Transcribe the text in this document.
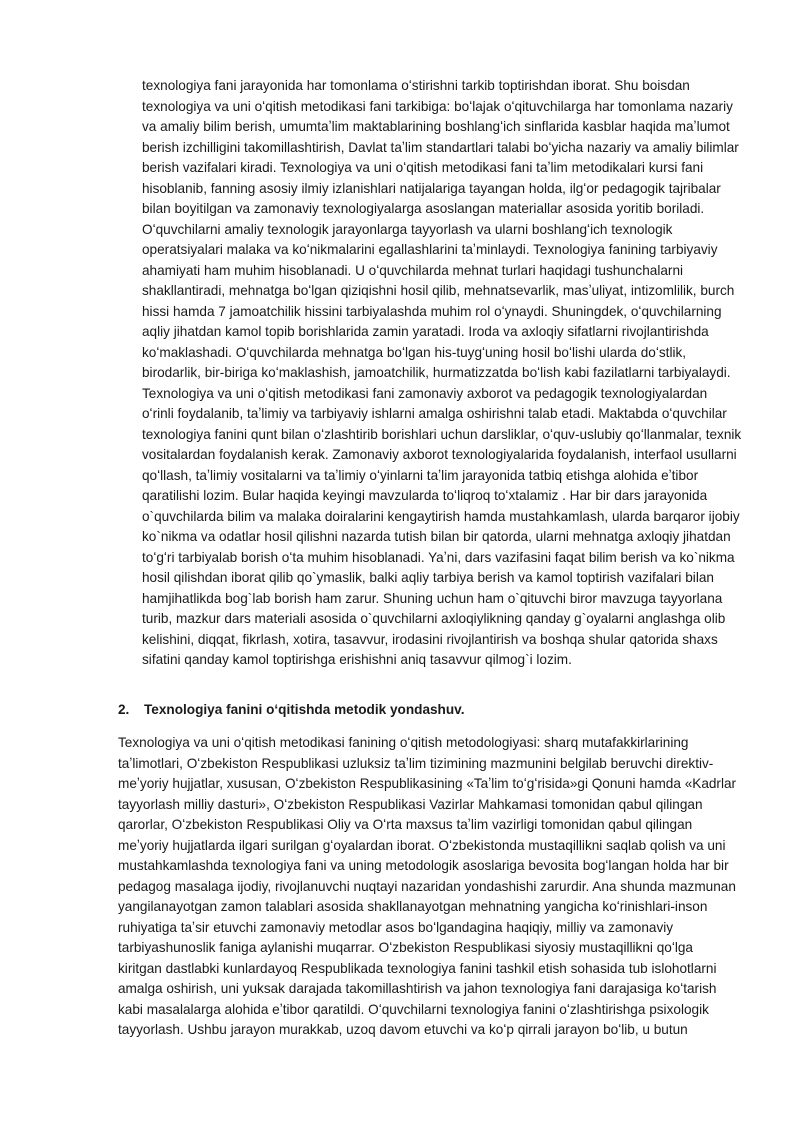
texnologiya fani jarayonida har tomonlama oʻstirishni tarkib toptirishdan iborat. Shu boisdan texnologiya va uni oʻqitish metodikasi fani tarkibiga: boʻlajak oʻqituvchilarga har tomonlama nazariy va amaliy bilim berish, umumtaʼlim maktablarining boshlangʻich sinflarida kasblar haqida maʼlumot berish izchilligini takomillashtirish, Davlat taʼlim standartlari talabi boʻyicha nazariy va amaliy bilimlar berish vazifalari kiradi. Texnologiya va uni oʻqitish metodikasi fani taʼlim metodikalari kursi fani hisoblanib, fanning asosiy ilmiy izlanishlari natijalariga tayangan holda, ilgʻor pedagogik tajribalar bilan boyitilgan va zamonaviy texnologiyalarga asoslangan materiallar asosida yoritib boriladi. Oʻquvchilarni amaliy texnologik jarayonlarga tayyorlash va ularni boshlangʻich texnologik operatsiyalari malaka va koʻnikmalarini egallashlarini taʼminlaydi. Texnologiya fanining tarbiyaviy ahamiyati ham muhim hisoblanadi. U oʻquvchilarda mehnat turlari haqidagi tushunchalarni shakllantiradi, mehnatga boʻlgan qiziqishni hosil qilib, mehnatsevarlik, masʼuliyat, intizomlilik, burch hissi hamda 7 jamoatchilik hissini tarbiyalashda muhim rol oʻynaydi. Shuningdek, oʻquvchilarning aqliy jihatdan kamol topib borishlarida zamin yaratadi. Iroda va axloqiy sifatlarni rivojlantirishda koʻmaklashadi. Oʻquvchilarda mehnatga boʻlgan his-tuygʻuning hosil boʻlishi ularda doʻstlik, birodarlik, bir-biriga koʻmaklashish, jamoatchilik, hurmatizzatda boʻlish kabi fazilatlarni tarbiyalaydi. Texnologiya va uni oʻqitish metodikasi fani zamonaviy axborot va pedagogik texnologiyalardan oʻrinli foydalanib, taʼlimiy va tarbiyaviy ishlarni amalga oshirishni talab etadi. Maktabda oʻquvchilar texnologiya fanini qunt bilan oʻzlashtirib borishlari uchun darsliklar, oʻquv-uslubiy qoʻllanmalar, texnik vositalardan foydalanish kerak. Zamonaviy axborot texnologiyalarida foydalanish, interfaol usullarni qoʻllash, taʼlimiy vositalarni va taʼlimiy oʻyinlarni taʼlim jarayonida tatbiq etishga alohida eʼtibor qaratilishi lozim. Bular haqida keyingi mavzularda toʻliqroq toʻxtalamiz . Har bir dars jarayonida o`quvchilarda bilim va malaka doiralarini kengaytirish hamda mustahkamlash, ularda barqaror ijobiy ko`nikma va odatlar hosil qilishni nazarda tutish bilan bir qatorda, ularni mehnatga axloqiy jihatdan toʻgʻri tarbiyalab borish oʻta muhim hisoblanadi. Yaʼni, dars vazifasini faqat bilim berish va ko`nikma hosil qilishdan iborat qilib qo`ymaslik, balki aqliy tarbiya berish va kamol toptirish vazifalari bilan hamjihatlikda bog`lab borish ham zarur. Shuning uchun ham o`qituvchi biror mavzuga tayyorlana turib, mazkur dars materiali asosida o`quvchilarni axloqiylikning qanday g`oyalarni anglashga olib kelishini, diqqat, fikrlash, xotira, tasavvur, irodasini rivojlantirish va boshqa shular qatorida shaxs sifatini qanday kamol toptirishga erishishni aniq tasavvur qilmog`i lozim.

2. Texnologiya fanini oʻqitishda metodik yondashuv.

Texnologiya va uni oʻqitish metodikasi fanining oʻqitish metodologiyasi: sharq mutafakkirlarining taʼlimotlari, Oʻzbekiston Respublikasi uzluksiz taʼlim tizimining mazmunini belgilab beruvchi direktiv-meʼyoriy hujjatlar, xususan, Oʻzbekiston Respublikasining «Taʼlim toʻgʻrisida»gi Qonuni hamda «Kadrlar tayyorlash milliy dasturi», Oʻzbekiston Respublikasi Vazirlar Mahkamasi tomonidan qabul qilingan qarorlar, Oʻzbekiston Respublikasi Oliy va Oʻrta maxsus taʼlim vazirligi tomonidan qabul qilingan meʼyoriy hujjatlarda ilgari surilgan gʻoyalardan iborat. Oʻzbekistonda mustaqillikni saqlab qolish va uni mustahkamlashda texnologiya fani va uning metodologik asoslariga bevosita bogʻlangan holda har bir pedagog masalaga ijodiy, rivojlanuvchi nuqtayi nazaridan yondashishi zarurdir. Ana shunda mazmunan yangilanayotgan zamon talablari asosida shakllanayotgan mehnatning yangicha koʻrinishlari-inson ruhiyatiga taʼsir etuvchi zamonaviy metodlar asos boʻlgandagina haqiqiy, milliy va zamonaviy tarbiyashunoslik faniga aylanishi muqarrar. Oʻzbekiston Respublikasi siyosiy mustaqillikni qoʻlga kiritgan dastlabki kunlardayoq Respublikada texnologiya fanini tashkil etish sohasida tub islohotlarni amalga oshirish, uni yuksak darajada takomillashtirish va jahon texnologiya fani darajasiga koʻtarish kabi masalalarga alohida eʼtibor qaratildi. Oʻquvchilarni texnologiya fanini oʻzlashtirishga psixologik tayyorlash. Ushbu jarayon murakkab, uzoq davom etuvchi va koʻp qirrali jarayon boʻlib, u butun
